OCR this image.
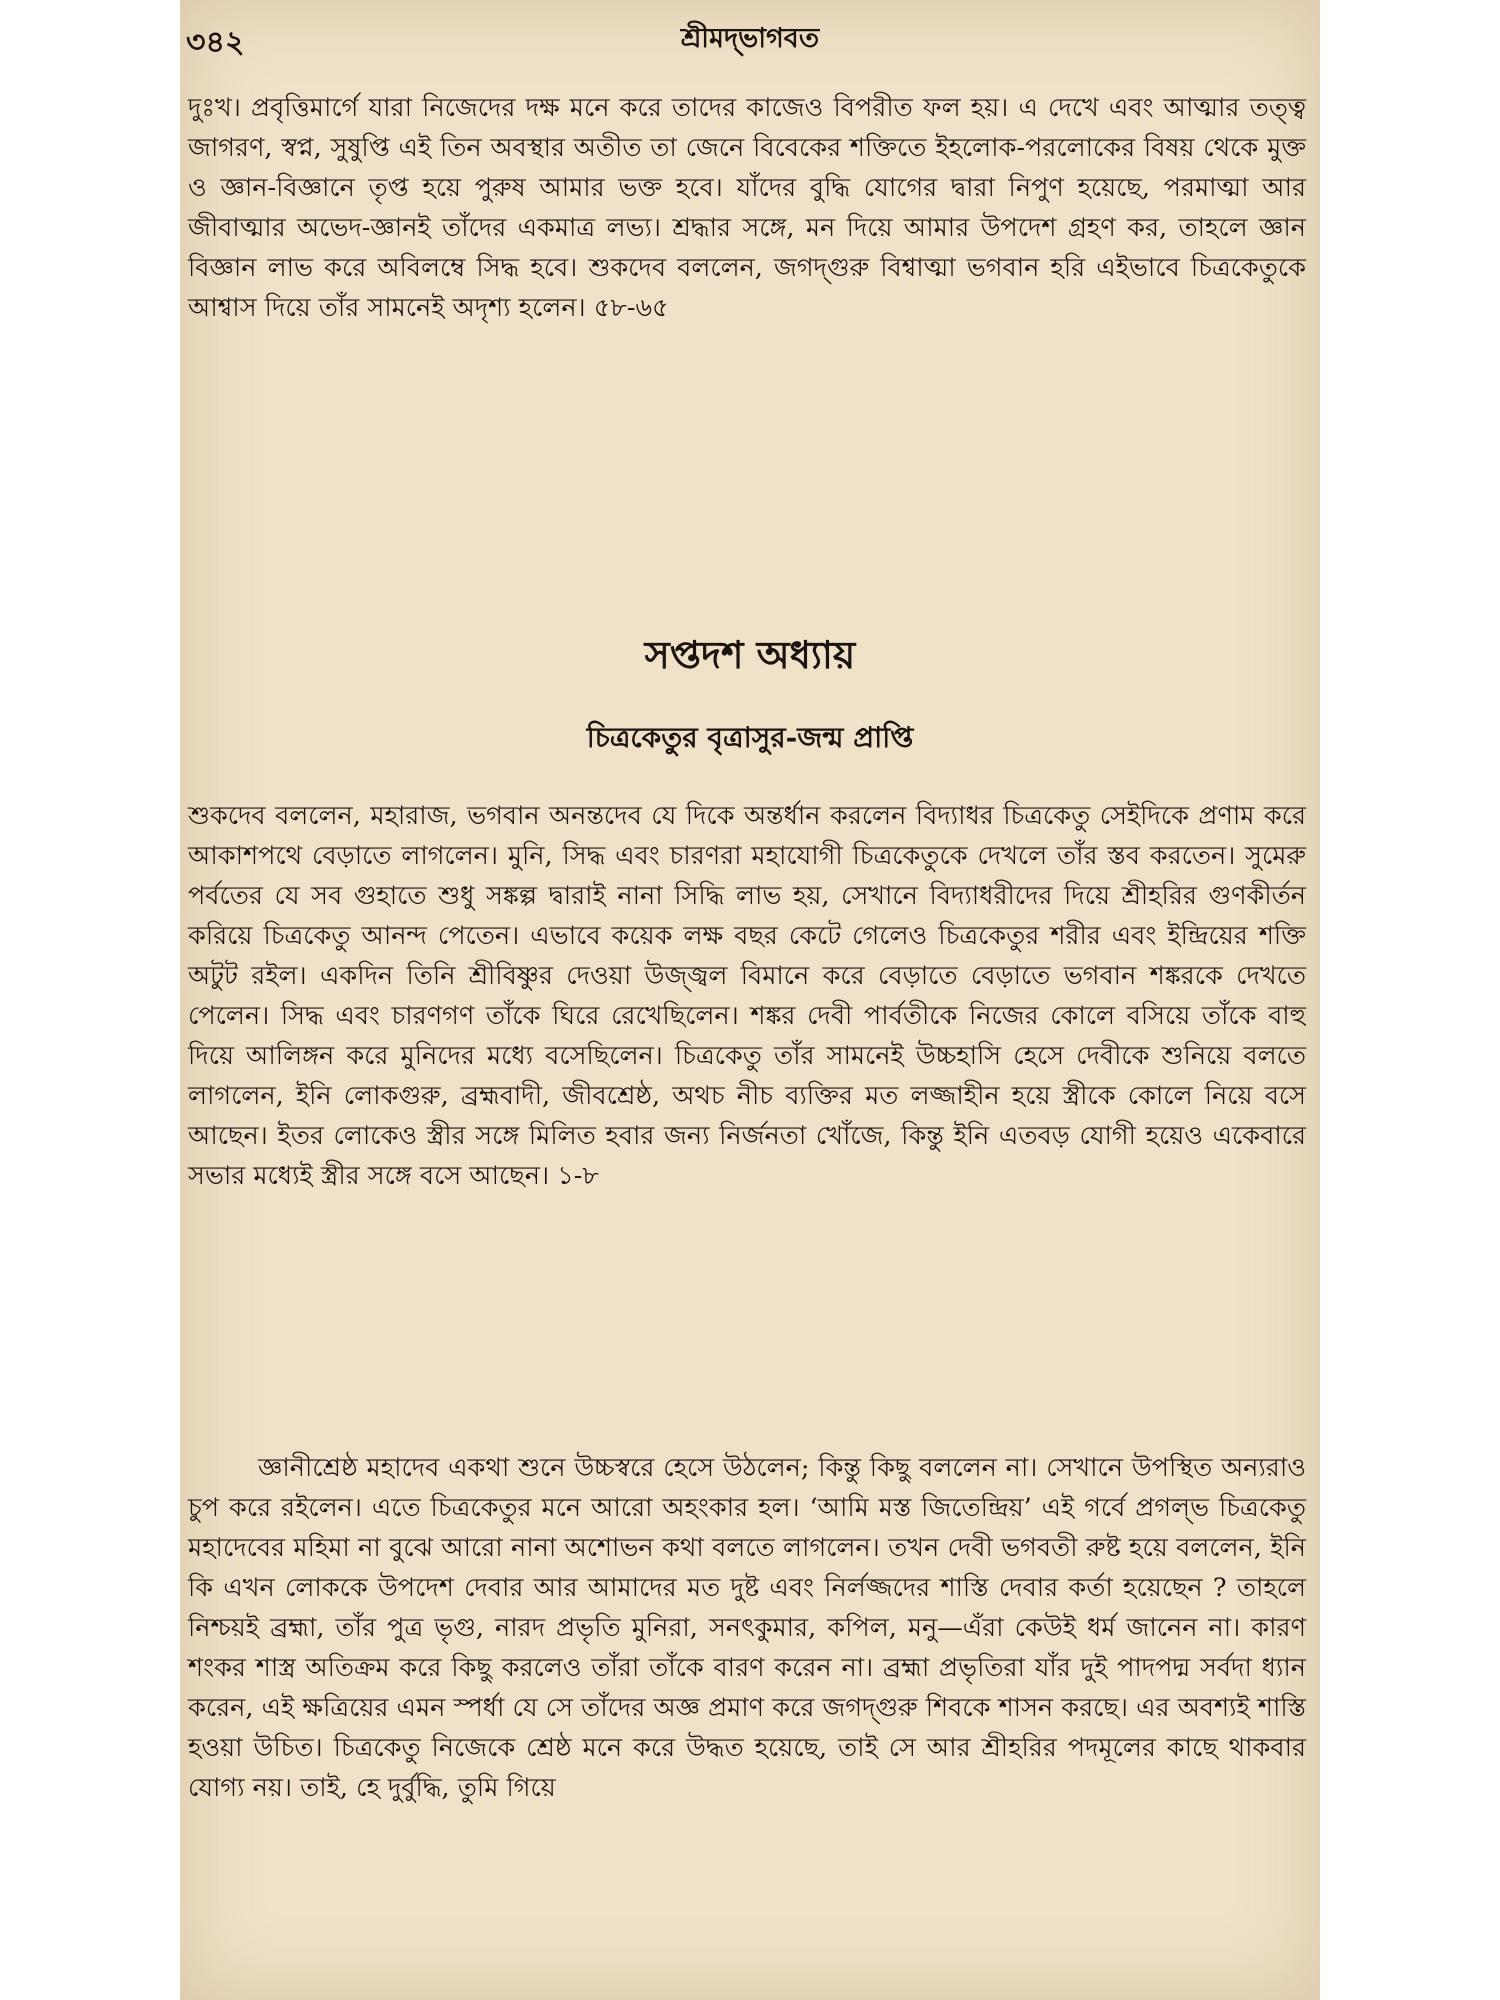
৩৪২	শ্রীমদ্‌ভাগবত

দুঃখ। প্রবৃত্তিমার্গে যারা নিজেদের দক্ষ মনে করে তাদের কাজেও বিপরীত ফল হয়। এ দেখে এবং আত্মার তত্ত্ব জাগরণ, স্বপ্ন, সুষুপ্তি এই তিন অবস্থার অতীত তা জেনে বিবেকের শক্তিতে ইহলোক-পরলোকের বিষয় থেকে মুক্ত ও জ্ঞান-বিজ্ঞানে তৃপ্ত হয়ে পুরুষ আমার ভক্ত হবে। যাঁদের বুদ্ধি যোগের দ্বারা নিপুণ হয়েছে, পরমাত্মা আর জীবাত্মার অভেদ-জ্ঞানই তাঁদের একমাত্র লভ্য। শ্রদ্ধার সঙ্গে, মন দিয়ে আমার উপদেশ গ্রহণ কর, তাহলে জ্ঞান বিজ্ঞান লাভ করে অবিলম্বে সিদ্ধ হবে। শুকদেব বললেন, জগদ্গুরু বিশ্বাত্মা ভগবান হরি এইভাবে চিত্রকেতুকে আশ্বাস দিয়ে তাঁর সামনেই অদৃশ্য হলেন। ৫৮-৬৫

সপ্তদশ অধ্যায়
চিত্রকেতুর বৃত্রাসুর-জন্ম প্রাপ্তি

শুকদেব বললেন, মহারাজ, ভগবান অনন্তদেব যে দিকে অন্তর্ধান করলেন বিদ্যাধর চিত্রকেতু সেইদিকে প্রণাম করে আকাশপথে বেড়াতে লাগলেন। মুনি, সিদ্ধ এবং চারণরা মহাযোগী চিত্রকেতুকে দেখলে তাঁর স্তব করতেন। সুমেরু পর্বতের যে সব গুহাতে শুধু সঙ্কল্প দ্বারাই নানা সিদ্ধি লাভ হয়, সেখানে বিদ্যাধরীদের দিয়ে শ্রীহরির গুণকীর্তন করিয়ে চিত্রকেতু আনন্দ পেতেন। এভাবে কয়েক লক্ষ বছর কেটে গেলেও চিত্রকেতুর শরীর এবং ইন্দ্রিয়ের শক্তি অটুট রইল। একদিন তিনি শ্রীবিষ্ণুর দেওয়া উজ্জ্বল বিমানে করে বেড়াতে বেড়াতে ভগবান শঙ্করকে দেখতে পেলেন। সিদ্ধ এবং চারণগণ তাঁকে ঘিরে রেখেছিলেন। শঙ্কর দেবী পার্বতীকে নিজের কোলে বসিয়ে তাঁকে বাহু দিয়ে আলিঙ্গন করে মুনিদের মধ্যে বসেছিলেন। চিত্রকেতু তাঁর সামনেই উচ্চহাসি হেসে দেবীকে শুনিয়ে বলতে লাগলেন, ইনি লোকগুরু, ব্রহ্মবাদী, জীবশ্রেষ্ঠ, অথচ নীচ ব্যক্তির মত লজ্জাহীন হয়ে স্ত্রীকে কোলে নিয়ে বসে আছেন। ইতর লোকেও স্ত্রীর সঙ্গে মিলিত হবার জন্য নির্জনতা খোঁজে, কিন্তু ইনি এতবড় যোগী হয়েও একেবারে সভার মধ্যেই স্ত্রীর সঙ্গে বসে আছেন। ১-৮

জ্ঞানীশ্রেষ্ঠ মহাদেব একথা শুনে উচ্চস্বরে হেসে উঠলেন; কিন্তু কিছু বললেন না। সেখানে উপস্থিত অন্যরাও চুপ করে রইলেন। এতে চিত্রকেতুর মনে আরো অহংকার হল। ‘আমি মস্ত জিতেন্দ্রিয়’ এই গর্বে প্রগল্‌ভ চিত্রকেতু মহাদেবের মহিমা না বুঝে আরো নানা অশোভন কথা বলতে লাগলেন। তখন দেবী ভগবতী রুষ্ট হয়ে বললেন, ইনি কি এখন লোককে উপদেশ দেবার আর আমাদের মত দুষ্ট এবং নির্লজ্জদের শাস্তি দেবার কর্তা হয়েছেন ? তাহলে নিশ্চয়ই ব্রহ্মা, তাঁর পুত্র ভৃগু, নারদ প্রভৃতি মুনিরা, সনৎকুমার, কপিল, মনু—এঁরা কেউই ধর্ম জানেন না। কারণ শংকর শাস্ত্র অতিক্রম করে কিছু করলেও তাঁরা তাঁকে বারণ করেন না। ব্রহ্মা প্রভৃতিরা যাঁর দুই পাদপদ্ম সর্বদা ধ্যান করেন, এই ক্ষত্রিয়ের এমন স্পর্ধা যে সে তাঁদের অজ্ঞ প্রমাণ করে জগদ্গুরু শিবকে শাসন করছে। এর অবশ্যই শাস্তি হওয়া উচিত। চিত্রকেতু নিজেকে শ্রেষ্ঠ মনে করে উদ্ধত হয়েছে, তাই সে আর শ্রীহরির পদমূলের কাছে থাকবার যোগ্য নয়। তাই, হে দুর্বুদ্ধি, তুমি গিয়ে
